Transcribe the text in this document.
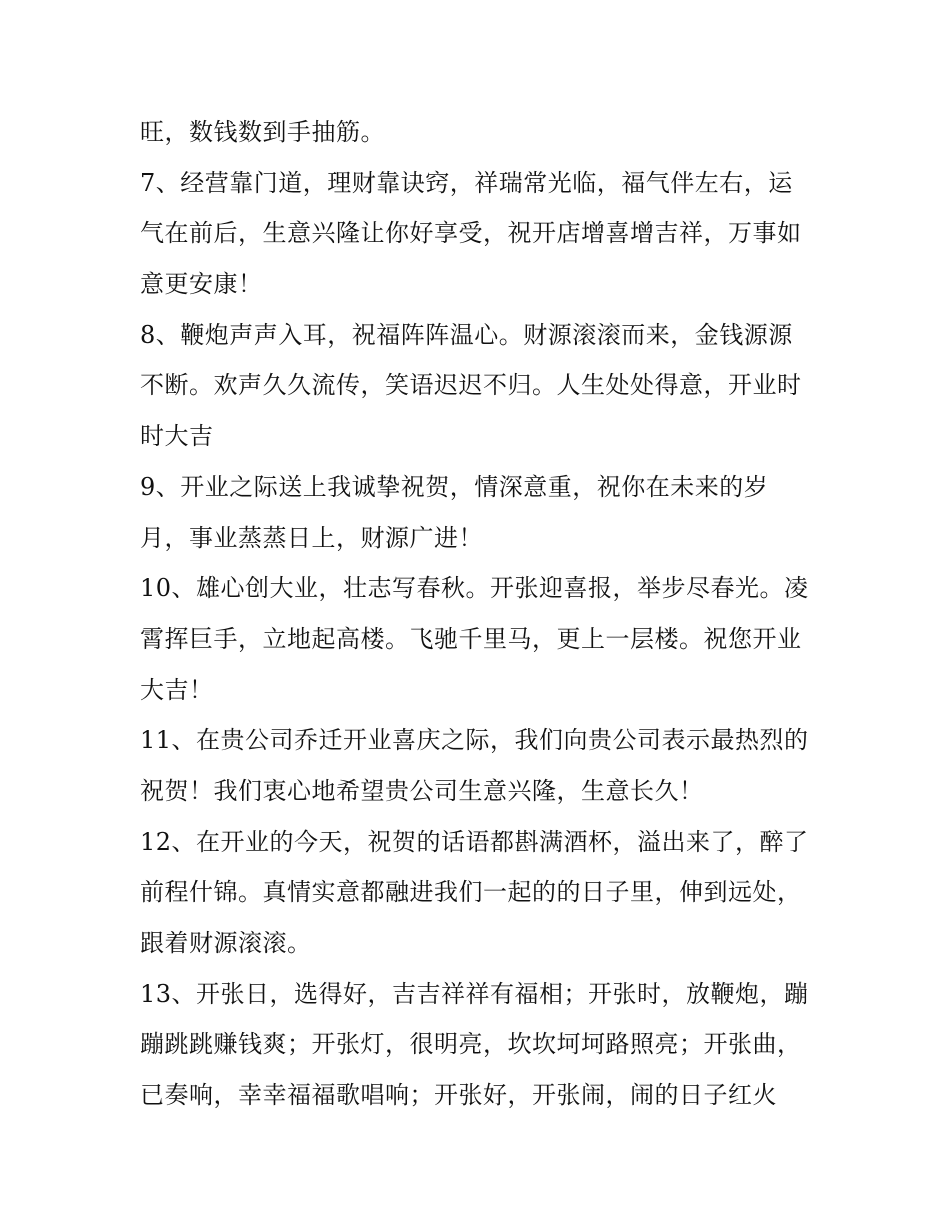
旺，数钱数到手抽筋。
7、经营靠门道，理财靠诀窍，祥瑞常光临，福气伴左右，运
气在前后，生意兴隆让你好享受，祝开店增喜增吉祥，万事如
意更安康！
8、鞭炮声声入耳，祝福阵阵温心。财源滚滚而来，金钱源源
不断。欢声久久流传，笑语迟迟不归。人生处处得意，开业时
时大吉
9、开业之际送上我诚挚祝贺，情深意重，祝你在未来的岁
月，事业蒸蒸日上，财源广进！
10、雄心创大业，壮志写春秋。开张迎喜报，举步尽春光。凌
霄挥巨手，立地起高楼。飞驰千里马，更上一层楼。祝您开业
大吉！
11、在贵公司乔迁开业喜庆之际，我们向贵公司表示最热烈的
祝贺！我们衷心地希望贵公司生意兴隆，生意长久！
12、在开业的今天，祝贺的话语都斟满酒杯，溢出来了，醉了
前程什锦。真情实意都融进我们一起的的日子里，伸到远处，
跟着财源滚滚。
13、开张日，选得好，吉吉祥祥有福相；开张时，放鞭炮，蹦
蹦跳跳赚钱爽；开张灯，很明亮，坎坎坷坷路照亮；开张曲，
已奏响，幸幸福福歌唱响；开张好，开张闹，闹的日子红火
